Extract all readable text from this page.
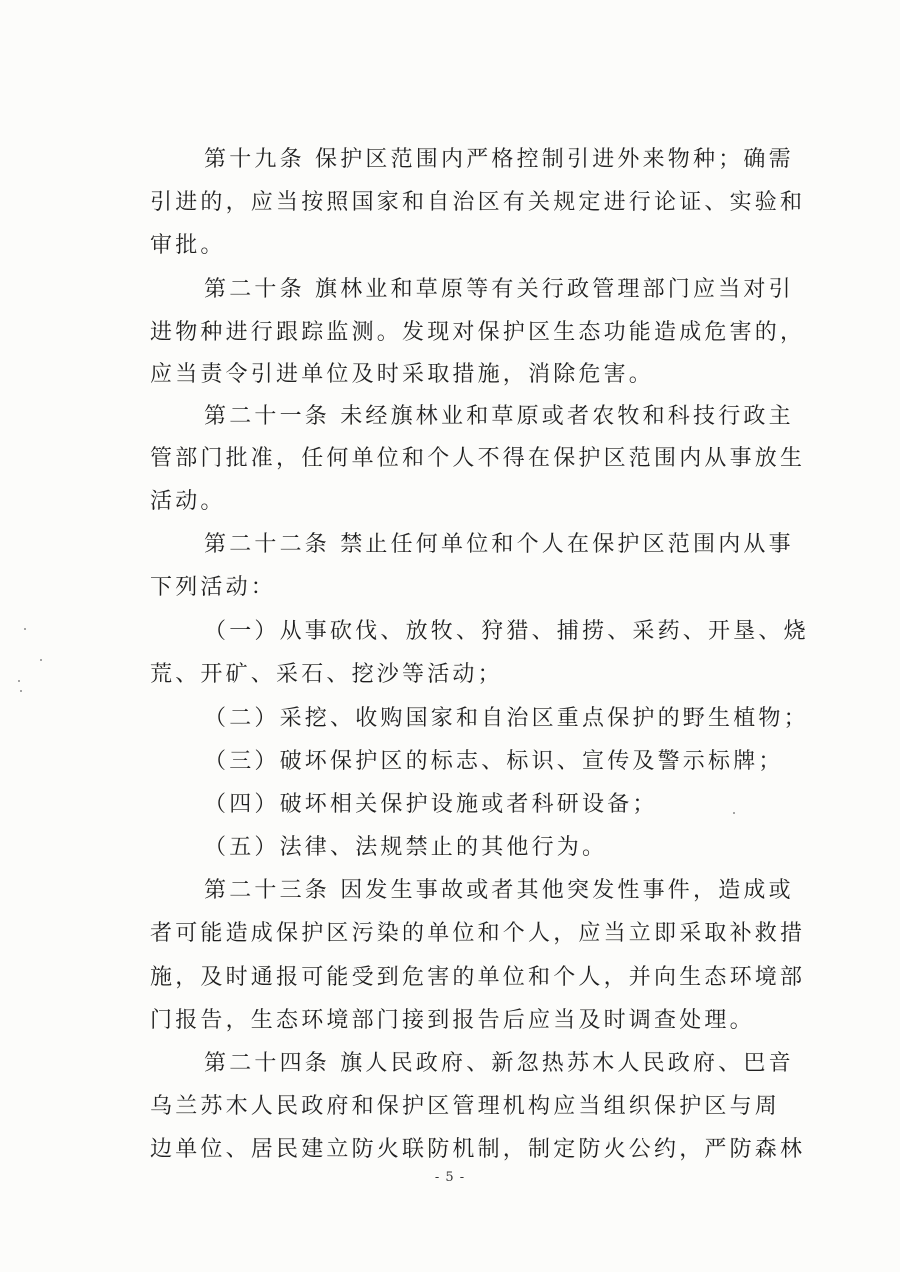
第十九条 保护区范围内严格控制引进外来物种；确需
引进的，应当按照国家和自治区有关规定进行论证、实验和
审批。
第二十条 旗林业和草原等有关行政管理部门应当对引
进物种进行跟踪监测。发现对保护区生态功能造成危害的，
应当责令引进单位及时采取措施，消除危害。
第二十一条 未经旗林业和草原或者农牧和科技行政主
管部门批准，任何单位和个人不得在保护区范围内从事放生
活动。
第二十二条 禁止任何单位和个人在保护区范围内从事
下列活动：
（一）从事砍伐、放牧、狩猎、捕捞、采药、开垦、烧
荒、开矿、采石、挖沙等活动；
（二）采挖、收购国家和自治区重点保护的野生植物；
（三）破坏保护区的标志、标识、宣传及警示标牌；
（四）破坏相关保护设施或者科研设备；
（五）法律、法规禁止的其他行为。
第二十三条 因发生事故或者其他突发性事件，造成或
者可能造成保护区污染的单位和个人，应当立即采取补救措
施，及时通报可能受到危害的单位和个人，并向生态环境部
门报告，生态环境部门接到报告后应当及时调查处理。
第二十四条 旗人民政府、新忽热苏木人民政府、巴音
乌兰苏木人民政府和保护区管理机构应当组织保护区与周
边单位、居民建立防火联防机制，制定防火公约，严防森林
- 5 -
